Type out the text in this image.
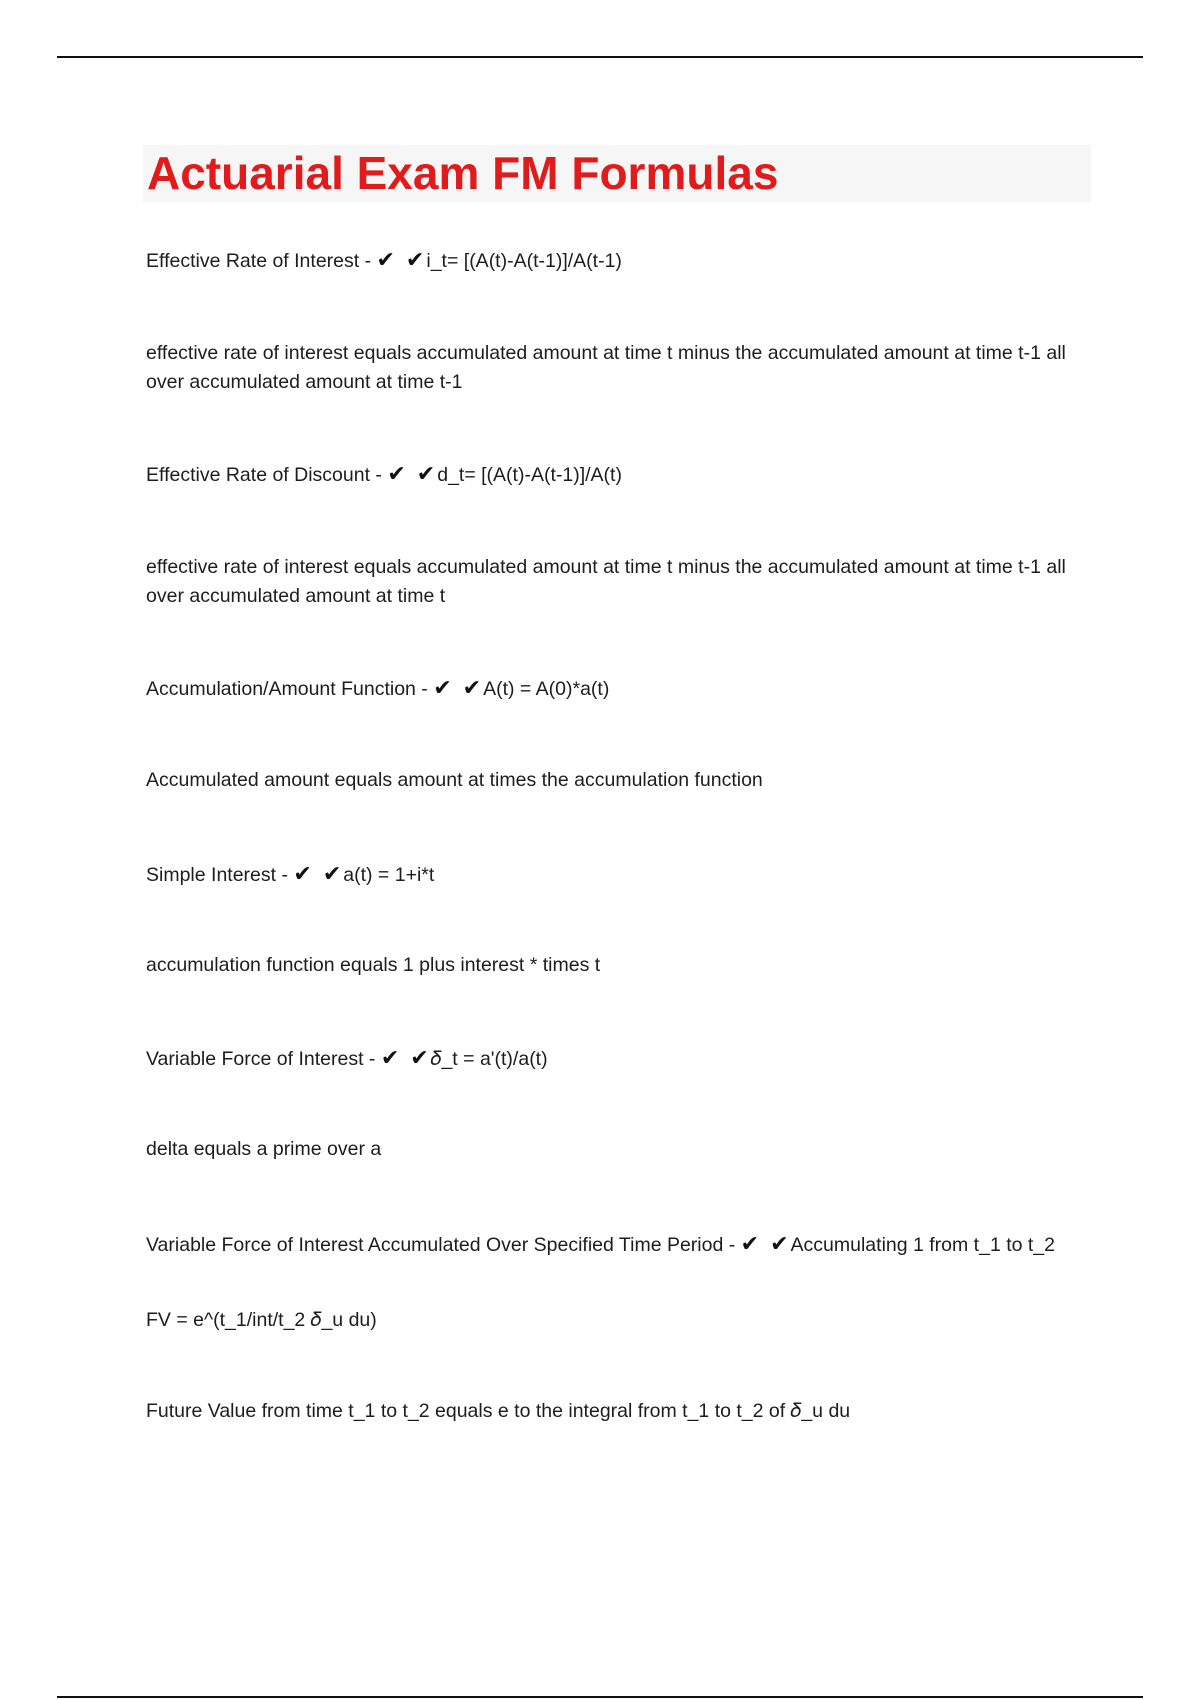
Actuarial Exam FM Formulas

Effective Rate of Interest - ✔ ✔i_t= [(A(t)-A(t-1)]/A(t-1)

effective rate of interest equals accumulated amount at time t minus the accumulated amount at time t-1 all over accumulated amount at time t-1

Effective Rate of Discount - ✔ ✔d_t= [(A(t)-A(t-1)]/A(t)

effective rate of interest equals accumulated amount at time t minus the accumulated amount at time t-1 all over accumulated amount at time t

Accumulation/Amount Function - ✔ ✔A(t) = A(0)*a(t)

Accumulated amount equals amount at times the accumulation function

Simple Interest - ✔ ✔a(t) = 1+i*t

accumulation function equals 1 plus interest * times t

Variable Force of Interest - ✔ ✔𝛿_t = a'(t)/a(t)

delta equals a prime over a

Variable Force of Interest Accumulated Over Specified Time Period - ✔ ✔Accumulating 1 from t_1 to t_2

FV = e^(t_1/int/t_2 𝛿_u du)

Future Value from time t_1 to t_2 equals e to the integral from t_1 to t_2 of 𝛿_u du
